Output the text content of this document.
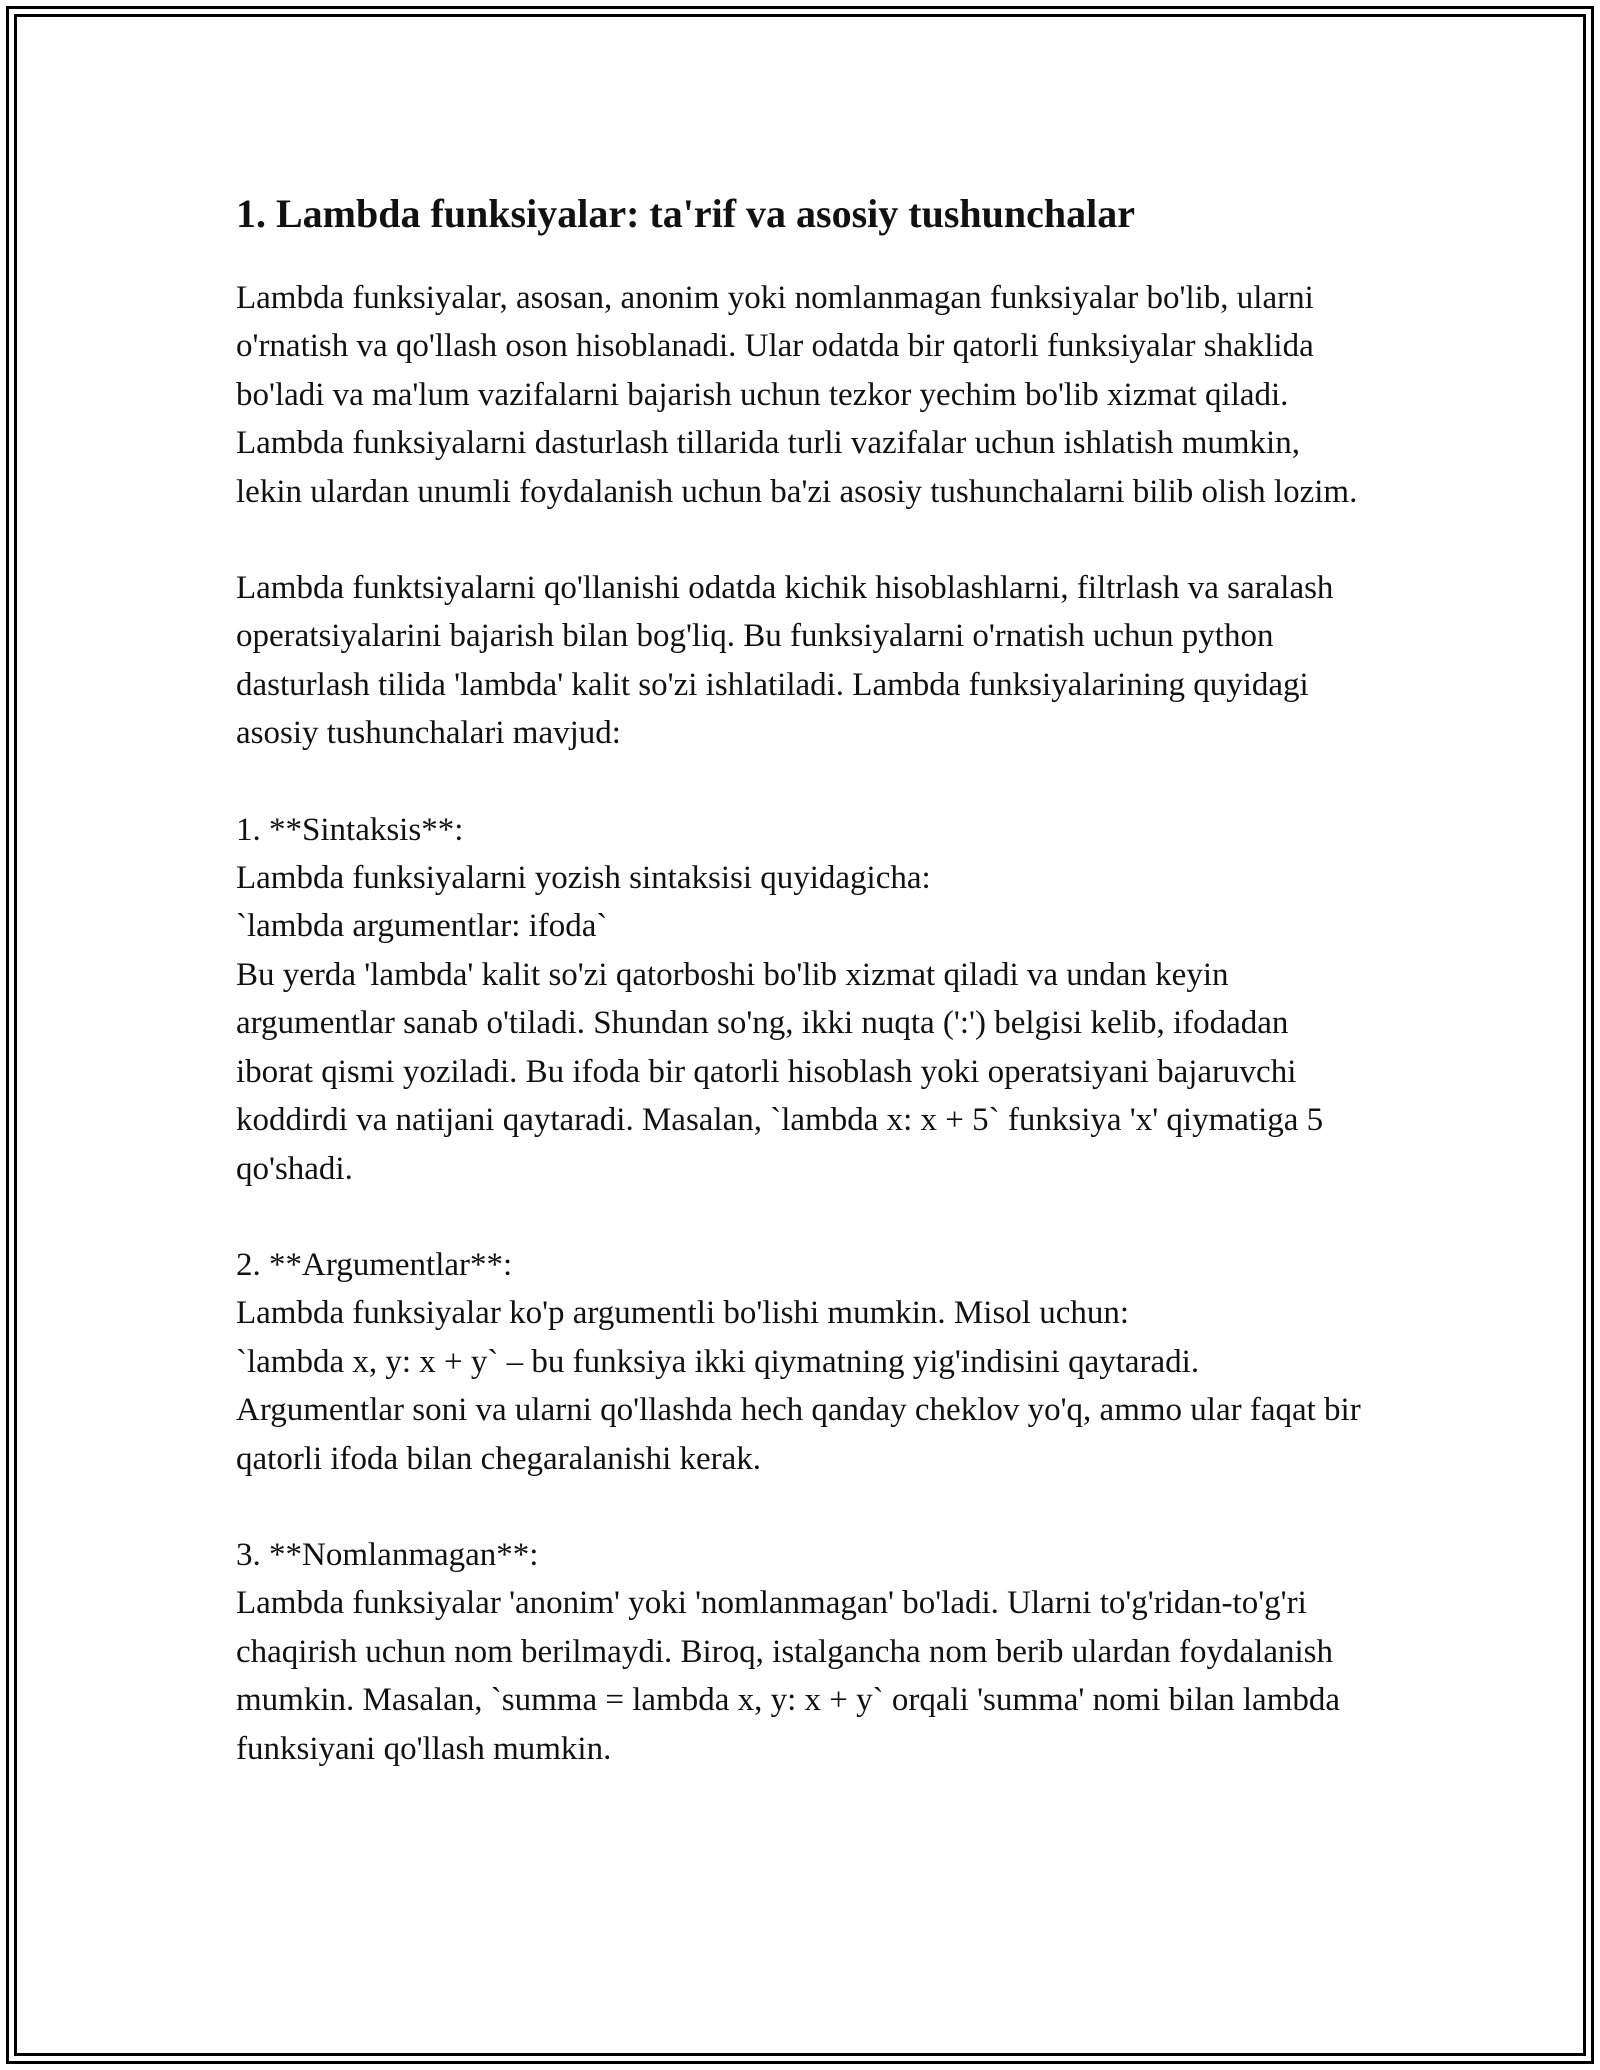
1. Lambda funksiyalar: ta'rif va asosiy tushunchalar

Lambda funksiyalar, asosan, anonim yoki nomlanmagan funksiyalar bo'lib, ularni o'rnatish va qo'llash oson hisoblanadi. Ular odatda bir qatorli funksiyalar shaklida bo'ladi va ma'lum vazifalarni bajarish uchun tezkor yechim bo'lib xizmat qiladi. Lambda funksiyalarni dasturlash tillarida turli vazifalar uchun ishlatish mumkin, lekin ulardan unumli foydalanish uchun ba'zi asosiy tushunchalarni bilib olish lozim.

Lambda funktsiyalarni qo'llanishi odatda kichik hisoblashlarni, filtrlash va saralash operatsiyalarini bajarish bilan bog'liq. Bu funksiyalarni o'rnatish uchun python dasturlash tilida 'lambda' kalit so'zi ishlatiladi. Lambda funksiyalarining quyidagi asosiy tushunchalari mavjud:

1. **Sintaksis**:
Lambda funksiyalarni yozish sintaksisi quyidagicha:
`lambda argumentlar: ifoda`
Bu yerda 'lambda' kalit so'zi qatorboshi bo'lib xizmat qiladi va undan keyin argumentlar sanab o'tiladi. Shundan so'ng, ikki nuqta (':') belgisi kelib, ifodadan iborat qismi yoziladi. Bu ifoda bir qatorli hisoblash yoki operatsiyani bajaruvchi koddirdi va natijani qaytaradi. Masalan, `lambda x: x + 5` funksiya 'x' qiymatiga 5 qo'shadi.

2. **Argumentlar**:
Lambda funksiyalar ko'p argumentli bo'lishi mumkin. Misol uchun:
`lambda x, y: x + y` – bu funksiya ikki qiymatning yig'indisini qaytaradi.
Argumentlar soni va ularni qo'llashda hech qanday cheklov yo'q, ammo ular faqat bir qatorli ifoda bilan chegaralanishi kerak.

3. **Nomlanmagan**:
Lambda funksiyalar 'anonim' yoki 'nomlanmagan' bo'ladi. Ularni to'g'ridan-to'g'ri chaqirish uchun nom berilmaydi. Biroq, istalgancha nom berib ulardan foydalanish mumkin. Masalan, `summa = lambda x, y: x + y` orqali 'summa' nomi bilan lambda funksiyani qo'llash mumkin.
